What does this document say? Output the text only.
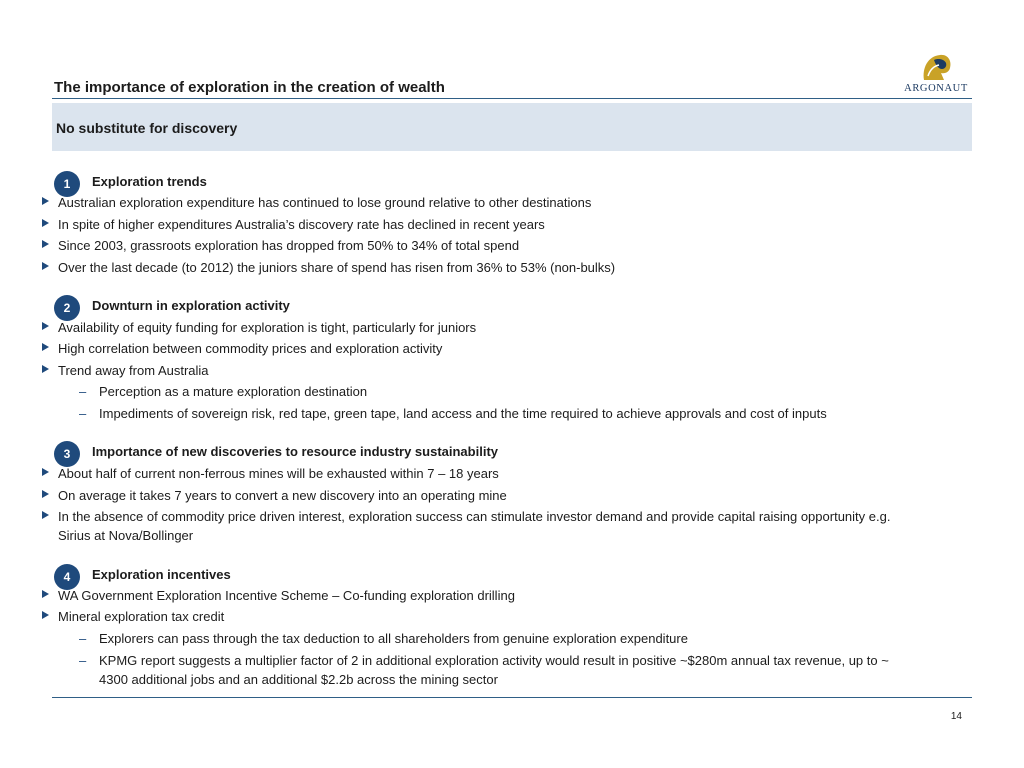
The importance of exploration in the creation of wealth	ARGONAUT
No substitute for discovery
1	Exploration trends
Australian exploration expenditure has continued to lose ground relative to other destinations
In spite of higher expenditures Australia’s discovery rate has declined in recent years
Since 2003, grassroots exploration has dropped from 50% to 34% of total spend
Over the last decade (to 2012) the juniors share of spend has risen from 36% to 53% (non-bulks)
2	Downturn in exploration activity
Availability of equity funding for exploration is tight, particularly for juniors
High correlation between commodity prices and exploration activity
Trend away from Australia
– Perception as a mature exploration destination
– Impediments of sovereign risk, red tape, green tape, land access and the time required to achieve approvals and cost of inputs
3	Importance of new discoveries to resource industry sustainability
About half of current non-ferrous mines will be exhausted within 7 – 18 years
On average it takes 7 years to convert a new discovery into an operating mine
In the absence of commodity price driven interest, exploration success can stimulate investor demand and provide capital raising opportunity e.g. Sirius at Nova/Bollinger
4	Exploration incentives
WA Government Exploration Incentive Scheme – Co-funding exploration drilling
Mineral exploration tax credit
– Explorers can pass through the tax deduction to all shareholders from genuine exploration expenditure
– KPMG report suggests a multiplier factor of 2 in additional exploration activity would result in positive ~$280m annual tax revenue, up to ~ 4300 additional jobs and an additional $2.2b across the mining sector
14
